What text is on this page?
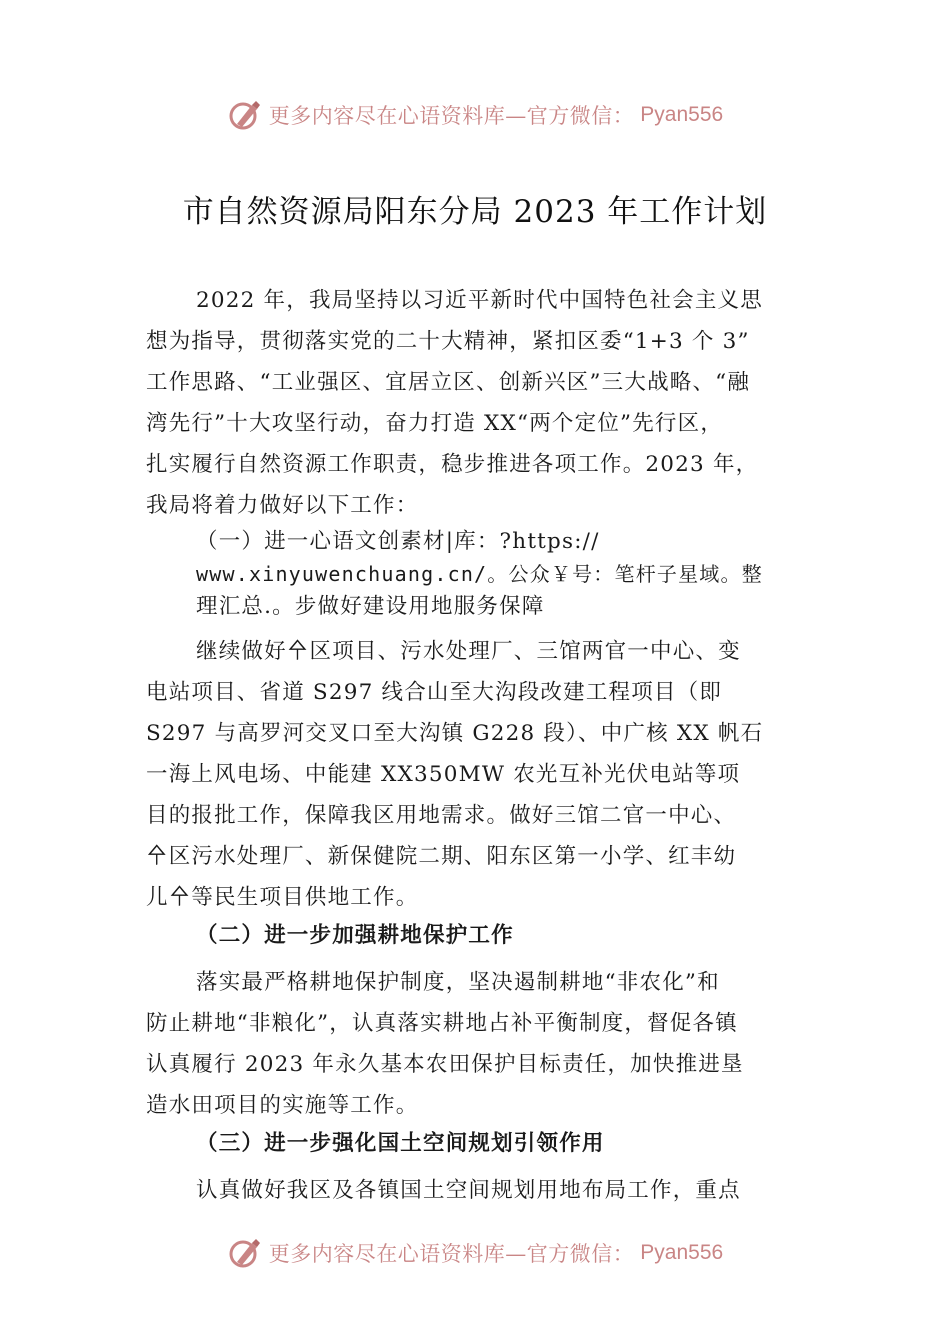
更多内容尽在心语资料库—官方微信： Pyan556
市自然资源局阳东分局 2023 年工作计划

2022 年，我局坚持以习近平新时代中国特色社会主义思

想为指导，贯彻落实党的二十大精神，紧扣区委“1+3 个 3”

工作思路、“工业强区、宜居立区、创新兴区”三大战略、“融

湾先行”十大攻坚行动，奋力打造 XX“两个定位”先行区，

扎实履行自然资源工作职责，稳步推进各项工作。2023 年，

我局将着力做好以下工作：

（一）进一心语文创素材|库：?https://

www.xinyuwenchuang.cn/。公众￥号：笔杆子星域。整

理汇总.。步做好建设用地服务保障

继续做好㐃区项目、污水处理厂、三馆两官一中心、变

电站项目、省道 S297 线合山至大沟段改建工程项目（即

S297 与高罗河交叉口至大沟镇 G228 段）、中广核 XX 帆石

一海上风电场、中能建 XX350MW 农光互补光伏电站等项

目的报批工作，保障我区用地需求。做好三馆二官一中心、

㐃区污水处理厂、新保健院二期、阳东区第一小学、红丰幼

儿㐃等民生项目供地工作。

（二）进一步加强耕地保护工作

落实最严格耕地保护制度，坚决遏制耕地“非农化”和

防止耕地“非粮化”，认真落实耕地占补平衡制度，督促各镇

认真履行 2023 年永久基本农田保护目标责任，加快推进垦

造水田项目的实施等工作。

（三）进一步强化国土空间规划引领作用

认真做好我区及各镇国土空间规划用地布局工作，重点

更多内容尽在心语资料库—官方微信： Pyan556
